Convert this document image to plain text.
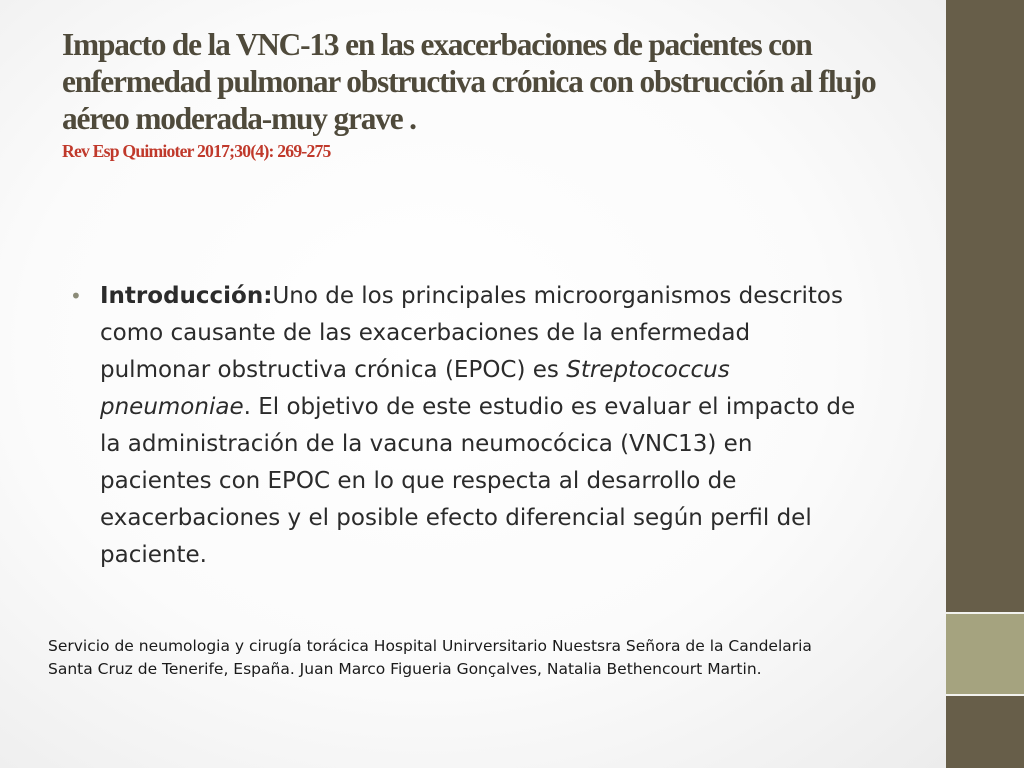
Impacto de la VNC-13 en las exacerbaciones de pacientes con enfermedad pulmonar obstructiva crónica con obstrucción al flujo aéreo moderada-muy grave .
Rev Esp Quimioter 2017;30(4): 269-275
• Introducción:Uno de los principales microorganismos descritos como causante de las exacerbaciones de la enfermedad pulmonar obstructiva crónica (EPOC) es Streptococcus pneumoniae. El objetivo de este estudio es evaluar el impacto de la administración de la vacuna neumocócica (VNC13) en pacientes con EPOC en lo que respecta al desarrollo de exacerbaciones y el posible efecto diferencial según perfil del paciente.
Servicio de neumologia y cirugía torácica Hospital Unirversitario Nuestsra Señora de la Candelaria
Santa Cruz de Tenerife, España. Juan Marco Figueria Gonçalves, Natalia Bethencourt Martin.
